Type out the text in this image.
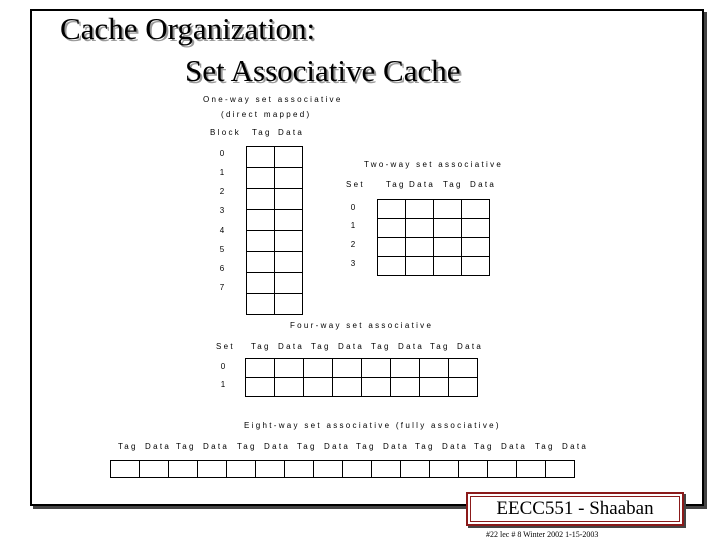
Cache Organization:
Set Associative Cache
One-way set associative
(direct mapped)
Block Tag Data
0
1
2
3
4
5
6
7

Two-way set associative
Set	Tag Data Tag Data
0
1
2
3

Four-way set associative
Set Tag Data Tag Data Tag Data Tag Data
0
1

Eight-way set associative (fully associative)
Tag Data Tag Data Tag Data Tag Data Tag Data Tag Data Tag Data Tag Data

EECC551 - Shaaban
#22 lec # 8 Winter 2002 1-15-2003
